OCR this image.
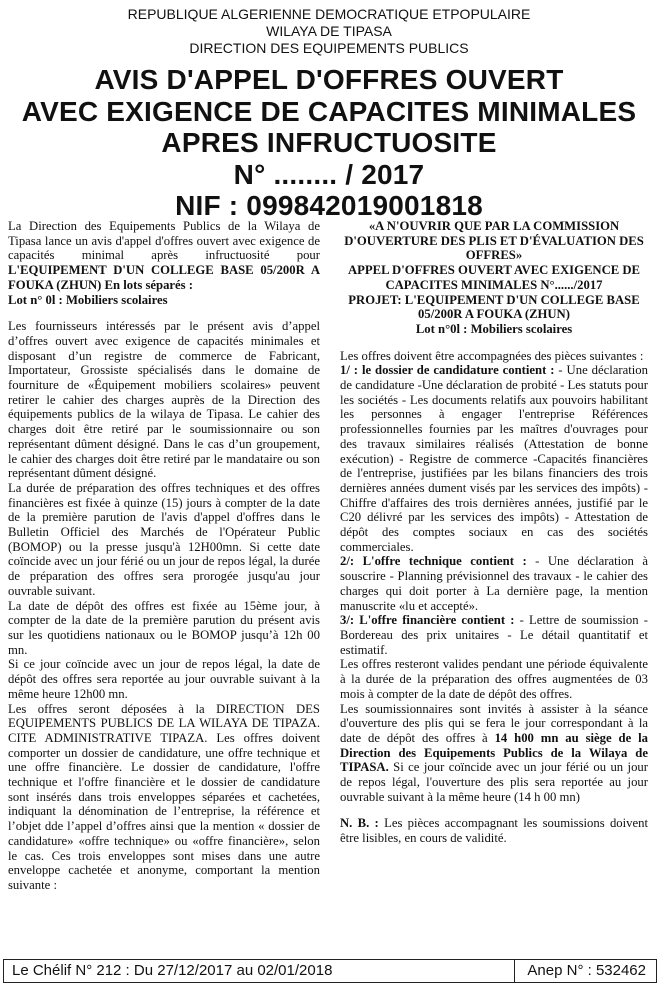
REPUBLIQUE ALGERIENNE DEMOCRATIQUE ETPOPULAIRE
WILAYA DE TIPASA
DIRECTION DES EQUIPEMENTS PUBLICS
AVIS D'APPEL D'OFFRES OUVERT
AVEC EXIGENCE DE CAPACITES MINIMALES
APRES INFRUCTUOSITE
N° ........ / 2017
NIF : 099842019001818

La Direction des Equipements Publics de la Wilaya de Tipasa lance un avis d'appel d'offres ouvert avec exigence de capacités minimal après infructuosité pour L'EQUIPEMENT D'UN COLLEGE BASE 05/200R A FOUKA (ZHUN) En lots séparés :

Lot n° 0l : Mobiliers scolaires

Les fournisseurs intéressés par le présent avis d’appel d’offres ouvert avec exigence de capacités minimales et disposant d’un registre de commerce de Fabricant, Importateur, Grossiste spécialisés dans le domaine de fourniture de «Équipement mobiliers scolaires» peuvent retirer le cahier des charges auprès de la Direction des équipements publics de la wilaya de Tipasa. Le cahier des charges doit être retiré par le soumissionnaire ou son représentant dûment désigné. Dans le cas d’un groupement, le cahier des charges doit être retiré par le mandataire ou son représentant dûment désigné.

La durée de préparation des offres techniques et des offres financières est fixée à quinze (15) jours à compter de la date de la première parution de l'avis d'appel d'offres dans le Bulletin Officiel des Marchés de l'Opérateur Public (BOMOP) ou la presse jusqu'à 12H00mn. Si cette date coïncide avec un jour férié ou un jour de repos légal, la durée de préparation des offres sera prorogée jusqu'au jour ouvrable suivant.

La date de dépôt des offres est fixée au 15ème jour, à compter de la date de la première parution du présent avis sur les quotidiens nationaux ou le BOMOP jusqu’à 12h 00 mn.

Si ce jour coïncide avec un jour de repos légal, la date de dépôt des offres sera reportée au jour ouvrable suivant à la même heure 12h00 mn.

Les offres seront déposées à la DIRECTION DES EQUIPEMENTS PUBLICS DE LA WILAYA DE TIPAZA. CITE ADMINISTRATIVE TIPAZA. Les offres doivent comporter un dossier de candidature, une offre technique et une offre financière. Le dossier de candidature, l'offre technique et l'offre financière et le dossier de candidature sont insérés dans trois enveloppes séparées et cachetées, indiquant la dénomination de l’entreprise, la référence et l’objet dde l’appel d’offres ainsi que la mention « dossier de candidature» «offre technique» ou «offre financière», selon le cas. Ces trois enveloppes sont mises dans une autre enveloppe cachetée et anonyme, comportant la mention suivante :

«A N'OUVRIR QUE PAR LA COMMISSION D'OUVERTURE DES PLIS ET D'ÉVALUATION DES OFFRES»

APPEL D'OFFRES OUVERT AVEC EXIGENCE DE CAPACITES MINIMALES N°....../2017

PROJET: L'EQUIPEMENT D'UN COLLEGE BASE 05/200R A FOUKA (ZHUN)

Lot n°0l : Mobiliers scolaires

Les offres doivent être accompagnées des pièces suivantes :

1/ : le dossier de candidature contient : - Une déclaration de candidature -Une déclaration de probité - Les statuts pour les sociétés - Les documents relatifs aux pouvoirs habilitant les personnes à engager l'entreprise Références professionnelles fournies par les maîtres d'ouvrages pour des travaux similaires réalisés (Attestation de bonne exécution) - Registre de commerce -Capacités financières de l'entreprise, justifiées par les bilans financiers des trois dernières années dument visés par les services des impôts) - Chiffre d'affaires des trois dernières années, justifié par le C20 délivré par les services des impôts) - Attestation de dépôt des comptes sociaux en cas des sociétés commerciales.

2/: L'offre technique contient : - Une déclaration à souscrire - Planning prévisionnel des travaux - le cahier des charges qui doit porter à La dernière page, la mention manuscrite «lu et accepté».

3/: L'offre financière contient : - Lettre de soumission - Bordereau des prix unitaires - Le détail quantitatif et estimatif.

Les offres resteront valides pendant une période équivalente à la durée de la préparation des offres augmentées de 03 mois à compter de la date de dépôt des offres.

Les soumissionnaires sont invités à assister à la séance d'ouverture des plis qui se fera le jour correspondant à la date de dépôt des offres à 14 h00 mn au siège de la Direction des Equipements Publics de la Wilaya de TIPASA. Si ce jour coïncide avec un jour férié ou un jour de repos légal, l'ouverture des plis sera reportée au jour ouvrable suivant à la même heure (14 h 00 mn)

N. B. : Les pièces accompagnant les soumissions doivent être lisibles, en cours de validité.

Le Chélif N° 212 : Du 27/12/2017 au 02/01/2018	Anep N° : 532462
